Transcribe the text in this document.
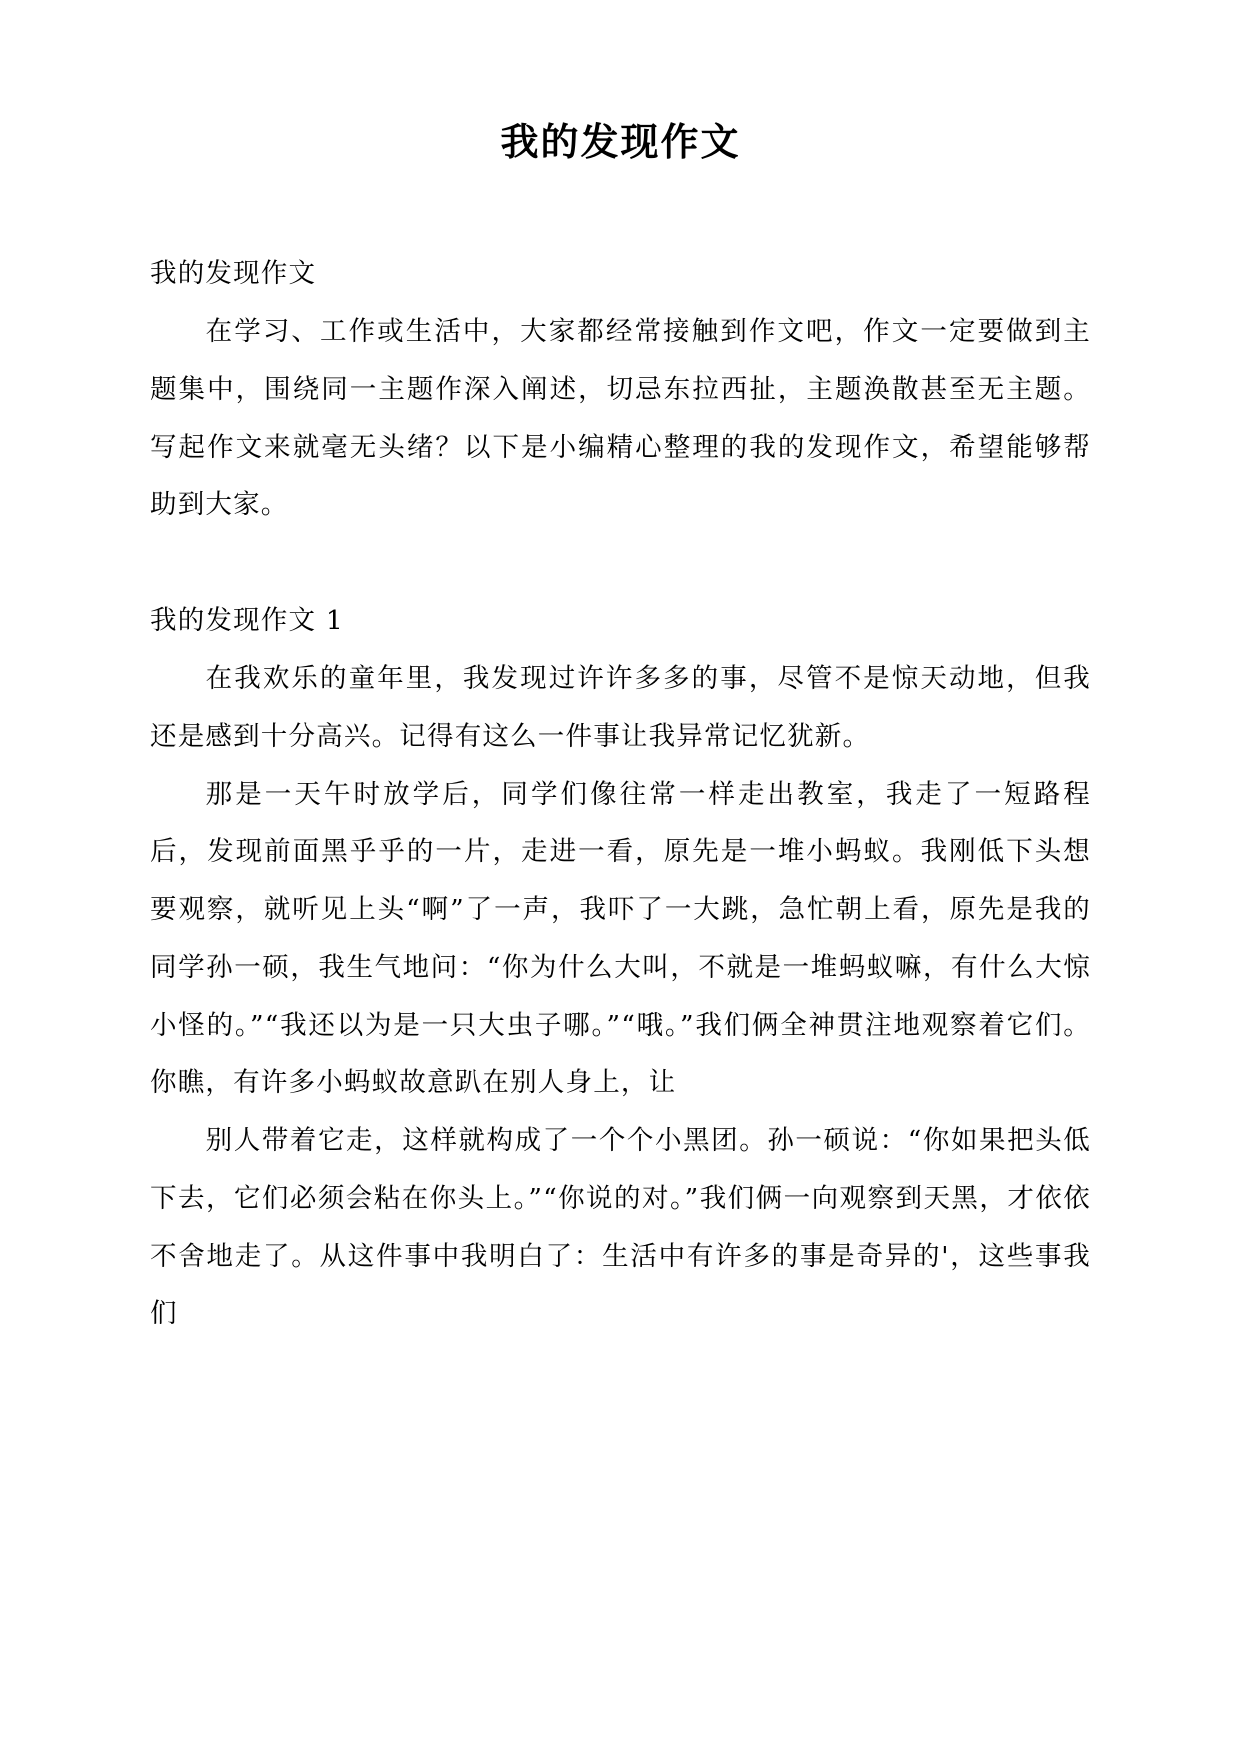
我的发现作文

我的发现作文

在学习、工作或生活中，大家都经常接触到作文吧，作文一定要做到主题集中，围绕同一主题作深入阐述，切忌东拉西扯，主题涣散甚至无主题。写起作文来就毫无头绪？以下是小编精心整理的我的发现作文，希望能够帮助到大家。

我的发现作文 1

在我欢乐的童年里，我发现过许许多多的事，尽管不是惊天动地，但我还是感到十分高兴。记得有这么一件事让我异常记忆犹新。

那是一天午时放学后，同学们像往常一样走出教室，我走了一短路程后，发现前面黑乎乎的一片，走进一看，原先是一堆小蚂蚁。我刚低下头想要观察，就听见上头“啊”了一声，我吓了一大跳，急忙朝上看，原先是我的同学孙一硕，我生气地问：“你为什么大叫，不就是一堆蚂蚁嘛，有什么大惊小怪的。”“我还以为是一只大虫子哪。”“哦。”我们俩全神贯注地观察着它们。你瞧，有许多小蚂蚁故意趴在别人身上，让

别人带着它走，这样就构成了一个个小黑团。孙一硕说：“你如果把头低下去，它们必须会粘在你头上。”“你说的对。”我们俩一向观察到天黑，才依依不舍地走了。从这件事中我明白了：生活中有许多的事是奇异的'，这些事我们
